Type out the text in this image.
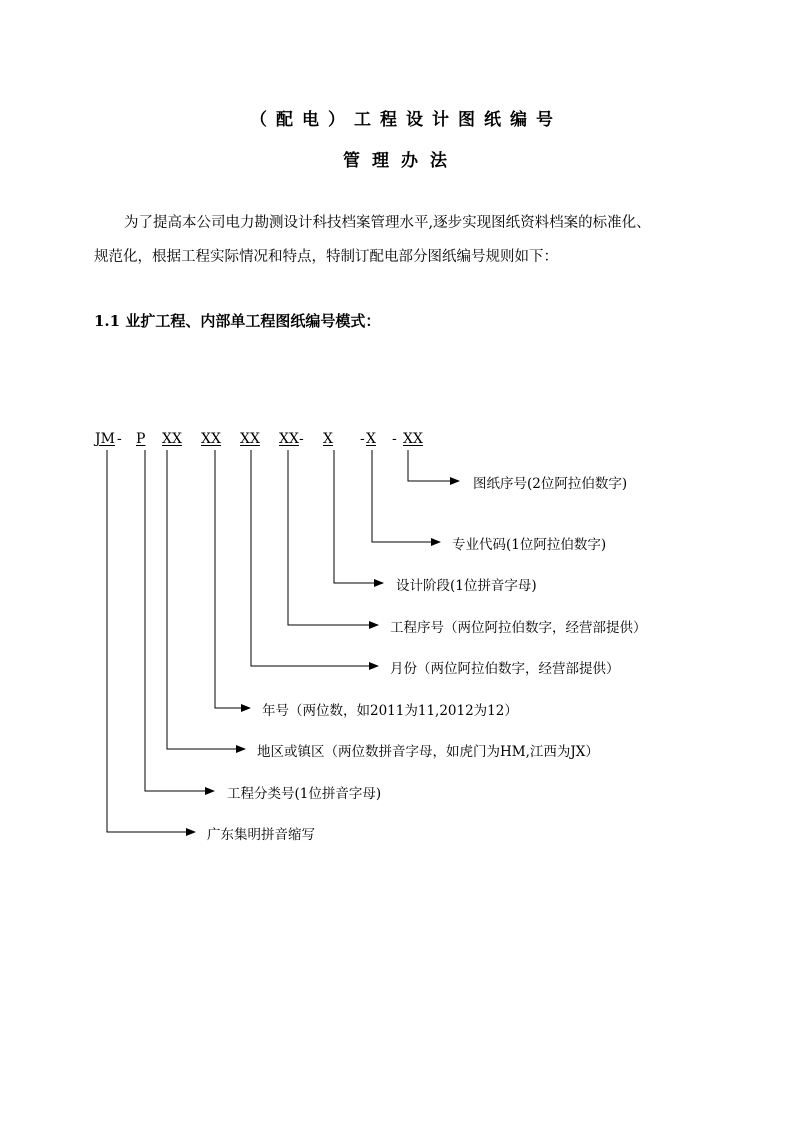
（配电）工程设计图纸编号
管理办法
为了提高本公司电力勘测设计科技档案管理水平,逐步实现图纸资料档案的标准化、
规范化，根据工程实际情况和特点，特制订配电部分图纸编号规则如下：
1.1 业扩工程、内部单工程图纸编号模式：
JM - P XX XX XX XX - X - X - XX
图纸序号(2位阿拉伯数字)
专业代码(1位阿拉伯数字)
设计阶段(1位拼音字母)
工程序号（两位阿拉伯数字，经营部提供）
月份（两位阿拉伯数字，经营部提供）
年号（两位数，如2011为11,2012为12）
地区或镇区（两位数拼音字母，如虎门为HM,江西为JX）
工程分类号(1位拼音字母)
广东集明拼音缩写
